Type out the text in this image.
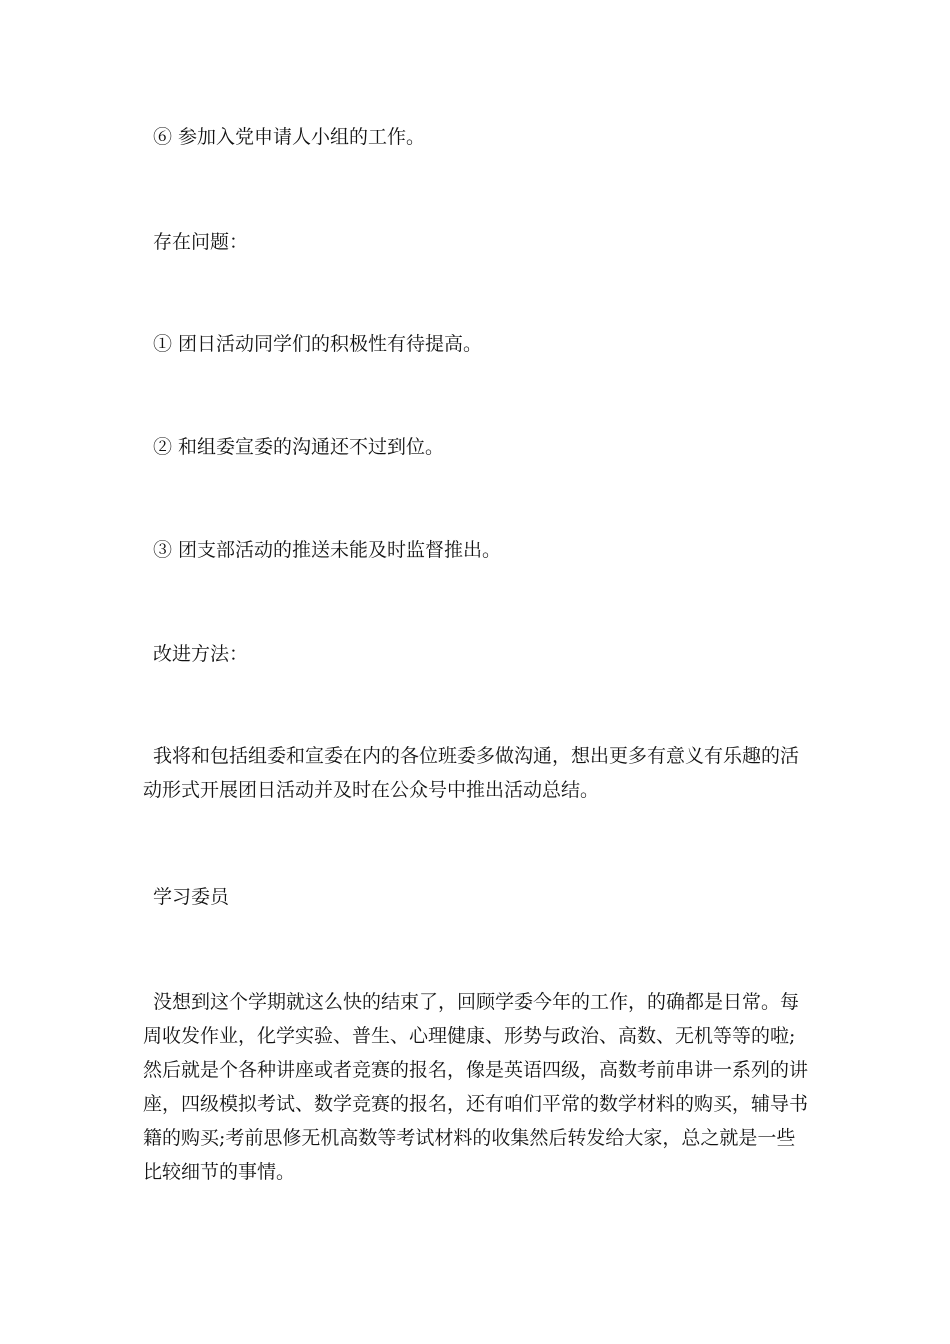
⑥ 参加入党申请人小组的工作。

存在问题：

① 团日活动同学们的积极性有待提高。

② 和组委宣委的沟通还不过到位。

③ 团支部活动的推送未能及时监督推出。

改进方法：

我将和包括组委和宣委在内的各位班委多做沟通，想出更多有意义有乐趣的活动形式开展团日活动并及时在公众号中推出活动总结。

学习委员

没想到这个学期就这么快的结束了，回顾学委今年的工作，的确都是日常。每周收发作业，化学实验、普生、心理健康、形势与政治、高数、无机等等的啦;然后就是个各种讲座或者竞赛的报名，像是英语四级，高数考前串讲一系列的讲座，四级模拟考试、数学竞赛的报名，还有咱们平常的数学材料的购买，辅导书籍的购买;考前思修无机高数等考试材料的收集然后转发给大家，总之就是一些比较细节的事情。
